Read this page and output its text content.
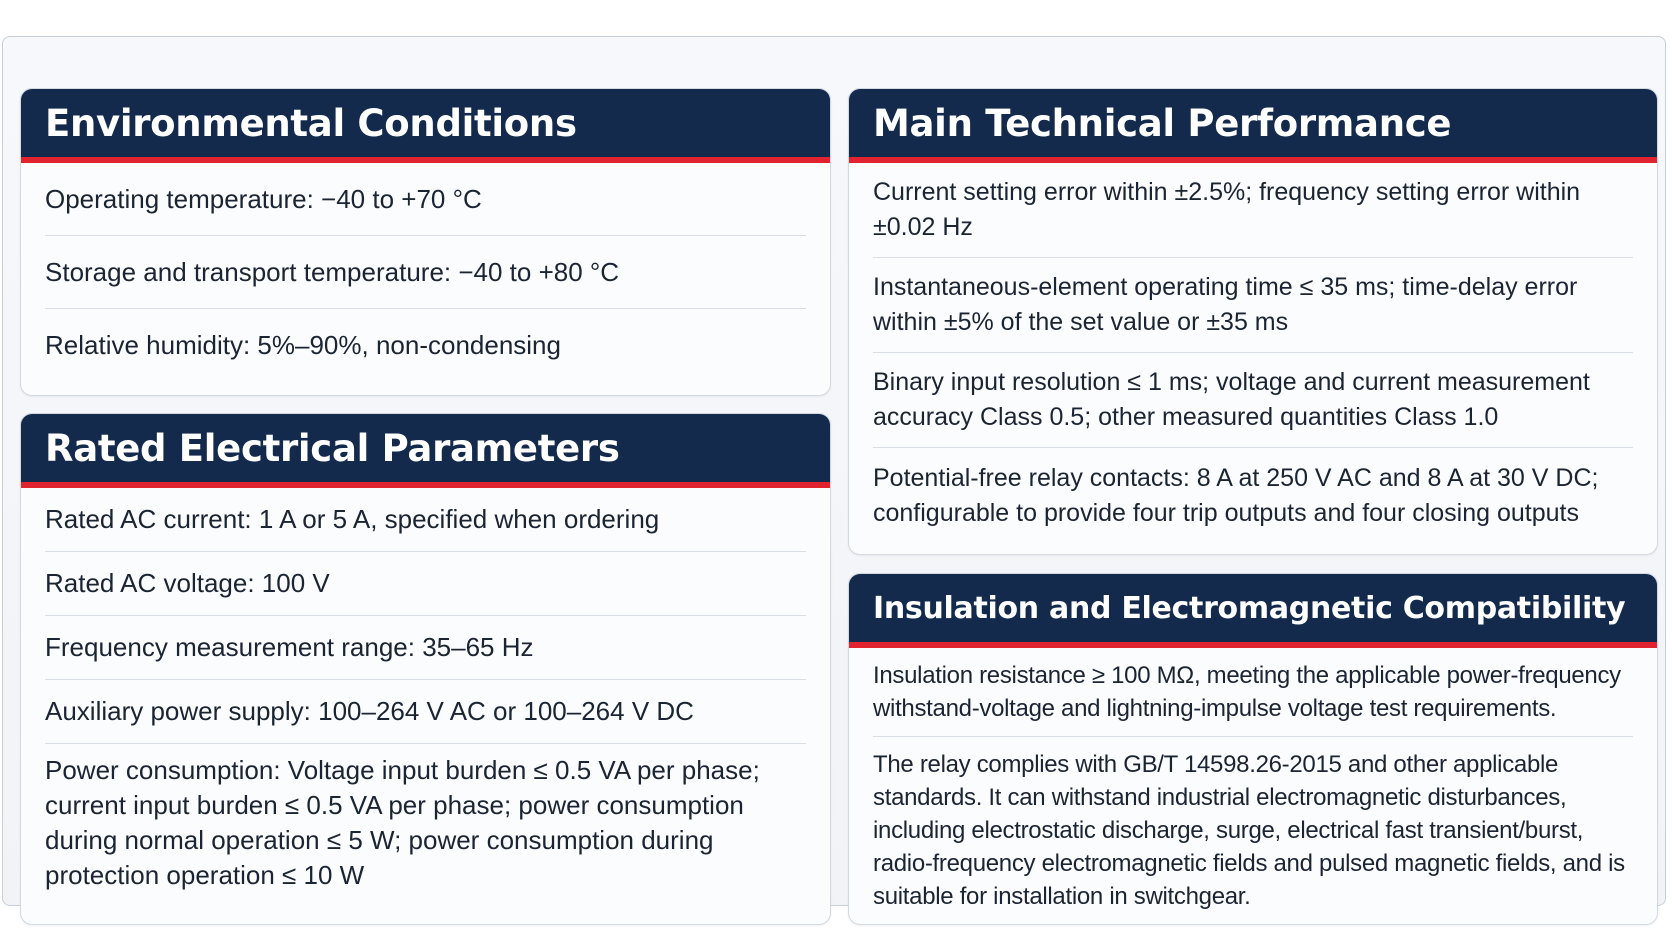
Environmental Conditions
Operating temperature: −40 to +70 °C
Storage and transport temperature: −40 to +80 °C
Relative humidity: 5%–90%, non-condensing
Rated Electrical Parameters
Rated AC current: 1 A or 5 A, specified when ordering
Rated AC voltage: 100 V
Frequency measurement range: 35–65 Hz
Auxiliary power supply: 100–264 V AC or 100–264 V DC
Power consumption: Voltage input burden ≤ 0.5 VA per phase; current input burden ≤ 0.5 VA per phase; power consumption during normal operation ≤ 5 W; power consumption during protection operation ≤ 10 W
Main Technical Performance
Current setting error within ±2.5%; frequency setting error within ±0.02 Hz
Instantaneous-element operating time ≤ 35 ms; time-delay error within ±5% of the set value or ±35 ms
Binary input resolution ≤ 1 ms; voltage and current measurement accuracy Class 0.5; other measured quantities Class 1.0
Potential-free relay contacts: 8 A at 250 V AC and 8 A at 30 V DC; configurable to provide four trip outputs and four closing outputs
Insulation and Electromagnetic Compatibility
Insulation resistance ≥ 100 MΩ, meeting the applicable power-frequency withstand-voltage and lightning-impulse voltage test requirements.
The relay complies with GB/T 14598.26-2015 and other applicable standards. It can withstand industrial electromagnetic disturbances, including electrostatic discharge, surge, electrical fast transient/burst, radio-frequency electromagnetic fields and pulsed magnetic fields, and is suitable for installation in switchgear.
